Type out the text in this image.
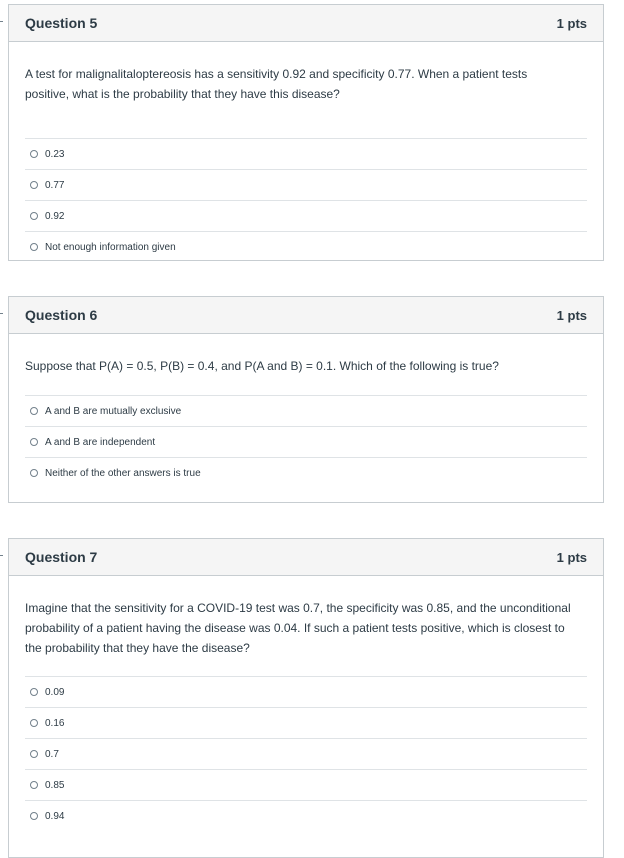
Question 5	1 pts
A test for malignalitaloptereosis has a sensitivity 0.92 and specificity 0.77. When a patient tests positive, what is the probability that they have this disease?
0.23
0.77
0.92
Not enough information given
Question 6	1 pts
Suppose that P(A) = 0.5, P(B) = 0.4, and P(A and B) = 0.1. Which of the following is true?
A and B are mutually exclusive
A and B are independent
Neither of the other answers is true
Question 7	1 pts
Imagine that the sensitivity for a COVID-19 test was 0.7, the specificity was 0.85, and the unconditional probability of a patient having the disease was 0.04. If such a patient tests positive, which is closest to the probability that they have the disease?
0.09
0.16
0.7
0.85
0.94
